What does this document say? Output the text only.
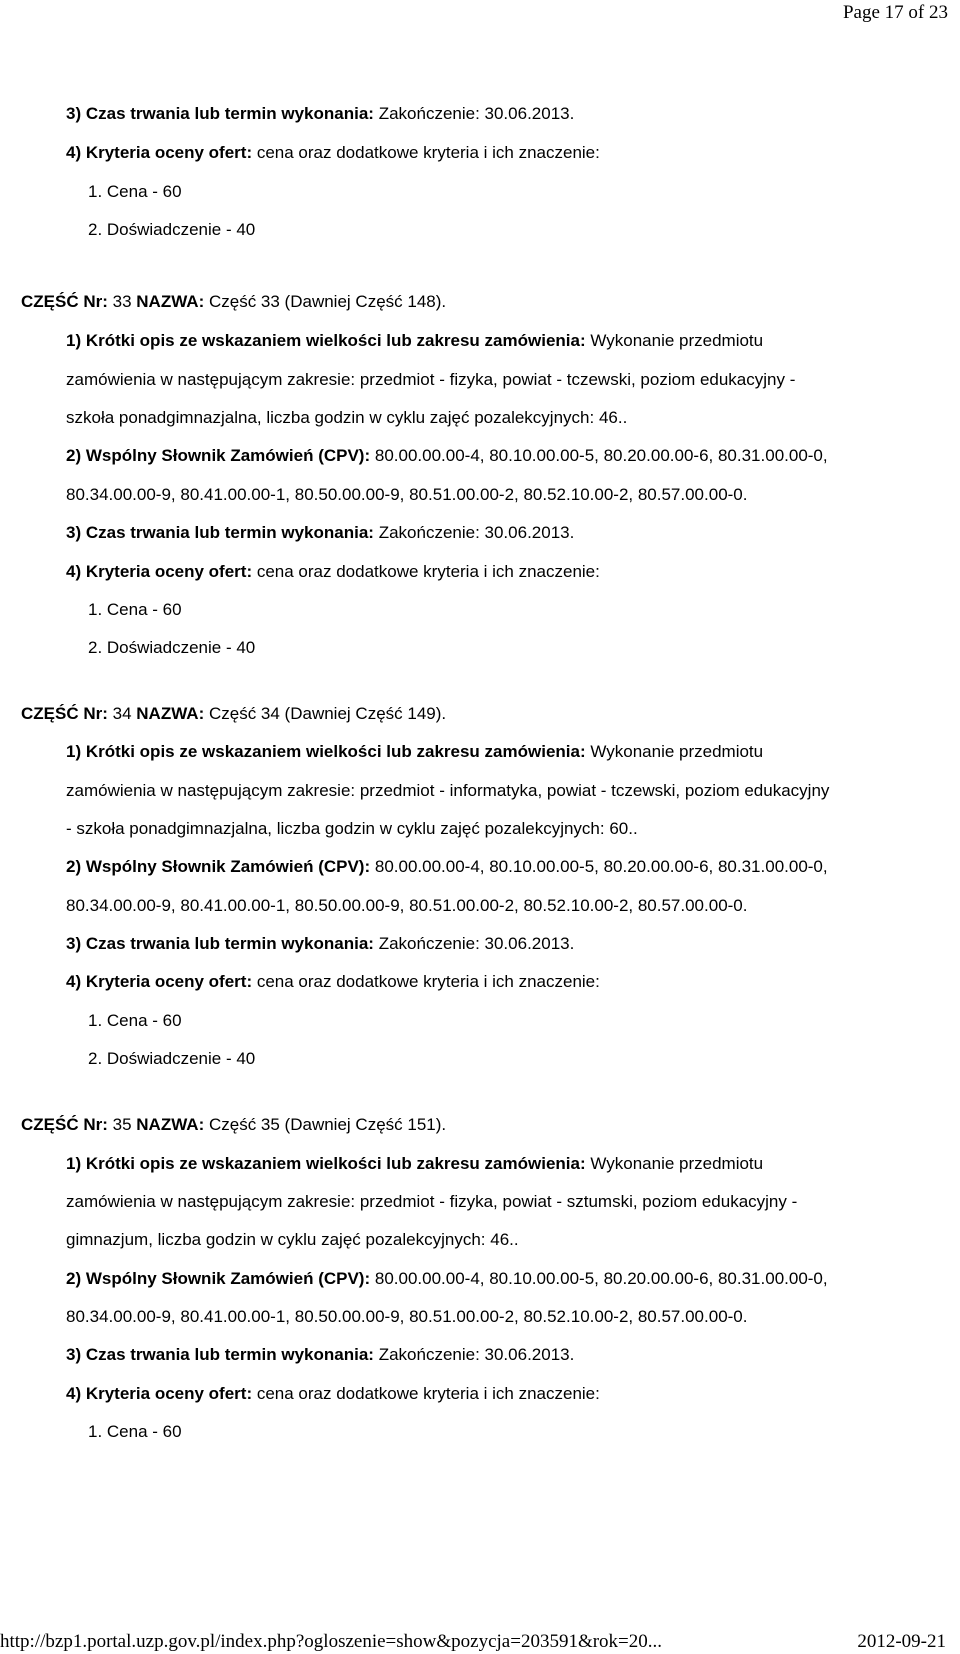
Page 17 of 23
3) Czas trwania lub termin wykonania: Zakończenie: 30.06.2013.
4) Kryteria oceny ofert: cena oraz dodatkowe kryteria i ich znaczenie:
1. Cena - 60
2. Doświadczenie - 40
CZĘŚĆ Nr: 33 NAZWA: Część 33 (Dawniej Część 148).
1) Krótki opis ze wskazaniem wielkości lub zakresu zamówienia: Wykonanie przedmiotu
zamówienia w następującym zakresie: przedmiot - fizyka, powiat - tczewski, poziom edukacyjny -
szkoła ponadgimnazjalna, liczba godzin w cyklu zajęć pozalekcyjnych: 46..
2) Wspólny Słownik Zamówień (CPV): 80.00.00.00-4, 80.10.00.00-5, 80.20.00.00-6, 80.31.00.00-0,
80.34.00.00-9, 80.41.00.00-1, 80.50.00.00-9, 80.51.00.00-2, 80.52.10.00-2, 80.57.00.00-0.
3) Czas trwania lub termin wykonania: Zakończenie: 30.06.2013.
4) Kryteria oceny ofert: cena oraz dodatkowe kryteria i ich znaczenie:
1. Cena - 60
2. Doświadczenie - 40
CZĘŚĆ Nr: 34 NAZWA: Część 34 (Dawniej Część 149).
1) Krótki opis ze wskazaniem wielkości lub zakresu zamówienia: Wykonanie przedmiotu
zamówienia w następującym zakresie: przedmiot - informatyka, powiat - tczewski, poziom edukacyjny
- szkoła ponadgimnazjalna, liczba godzin w cyklu zajęć pozalekcyjnych: 60..
2) Wspólny Słownik Zamówień (CPV): 80.00.00.00-4, 80.10.00.00-5, 80.20.00.00-6, 80.31.00.00-0,
80.34.00.00-9, 80.41.00.00-1, 80.50.00.00-9, 80.51.00.00-2, 80.52.10.00-2, 80.57.00.00-0.
3) Czas trwania lub termin wykonania: Zakończenie: 30.06.2013.
4) Kryteria oceny ofert: cena oraz dodatkowe kryteria i ich znaczenie:
1. Cena - 60
2. Doświadczenie - 40
CZĘŚĆ Nr: 35 NAZWA: Część 35 (Dawniej Część 151).
1) Krótki opis ze wskazaniem wielkości lub zakresu zamówienia: Wykonanie przedmiotu
zamówienia w następującym zakresie: przedmiot - fizyka, powiat - sztumski, poziom edukacyjny -
gimnazjum, liczba godzin w cyklu zajęć pozalekcyjnych: 46..
2) Wspólny Słownik Zamówień (CPV): 80.00.00.00-4, 80.10.00.00-5, 80.20.00.00-6, 80.31.00.00-0,
80.34.00.00-9, 80.41.00.00-1, 80.50.00.00-9, 80.51.00.00-2, 80.52.10.00-2, 80.57.00.00-0.
3) Czas trwania lub termin wykonania: Zakończenie: 30.06.2013.
4) Kryteria oceny ofert: cena oraz dodatkowe kryteria i ich znaczenie:
1. Cena - 60
http://bzp1.portal.uzp.gov.pl/index.php?ogloszenie=show&pozycja=203591&rok=20...	2012-09-21
